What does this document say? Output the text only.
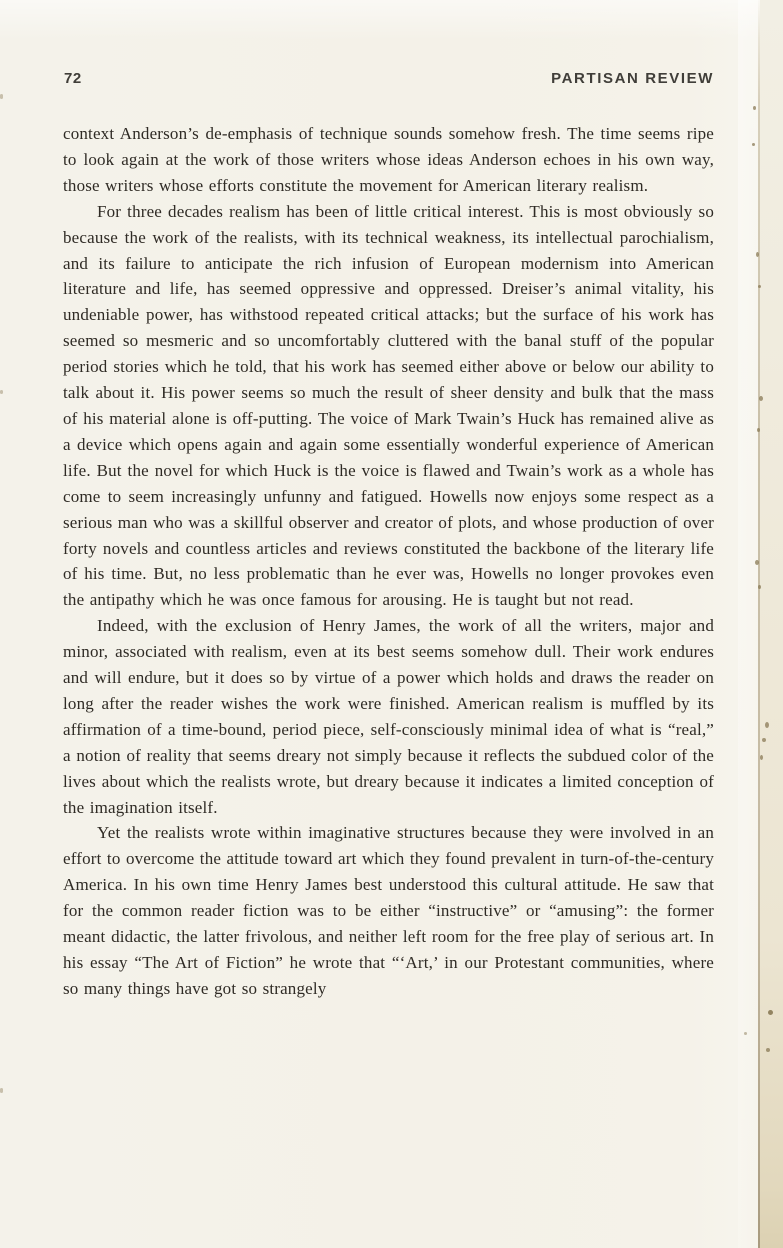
72	PARTISAN REVIEW

context Anderson’s de-emphasis of technique sounds somehow fresh. The time seems ripe to look again at the work of those writers whose ideas Anderson echoes in his own way, those writers whose efforts constitute the movement for American literary realism.

For three decades realism has been of little critical interest. This is most obviously so because the work of the realists, with its technical weakness, its intellectual parochialism, and its failure to anticipate the rich infusion of European modernism into American literature and life, has seemed oppressive and oppressed. Dreiser’s animal vitality, his undeniable power, has withstood repeated critical attacks; but the surface of his work has seemed so mesmeric and so uncomfortably cluttered with the banal stuff of the popular period stories which he told, that his work has seemed either above or below our ability to talk about it. His power seems so much the result of sheer density and bulk that the mass of his material alone is off-putting. The voice of Mark Twain’s Huck has remained alive as a device which opens again and again some essentially wonderful experience of American life. But the novel for which Huck is the voice is flawed and Twain’s work as a whole has come to seem increasingly unfunny and fatigued. Howells now enjoys some respect as a serious man who was a skillful observer and creator of plots, and whose production of over forty novels and countless articles and reviews constituted the backbone of the literary life of his time. But, no less problematic than he ever was, Howells no longer provokes even the antipathy which he was once famous for arousing. He is taught but not read.

Indeed, with the exclusion of Henry James, the work of all the writers, major and minor, associated with realism, even at its best seems somehow dull. Their work endures and will endure, but it does so by virtue of a power which holds and draws the reader on long after the reader wishes the work were finished. American realism is muffled by its affirmation of a time-bound, period piece, self-consciously minimal idea of what is “real,” a notion of reality that seems dreary not simply because it reflects the subdued color of the lives about which the realists wrote, but dreary because it indicates a limited conception of the imagination itself.

Yet the realists wrote within imaginative structures because they were involved in an effort to overcome the attitude toward art which they found prevalent in turn-of-the-century America. In his own time Henry James best understood this cultural attitude. He saw that for the common reader fiction was to be either “instructive” or “amusing”: the former meant didactic, the latter frivolous, and neither left room for the free play of serious art. In his essay “The Art of Fiction” he wrote that “‘Art,’ in our Protestant communities, where so many things have got so strangely
